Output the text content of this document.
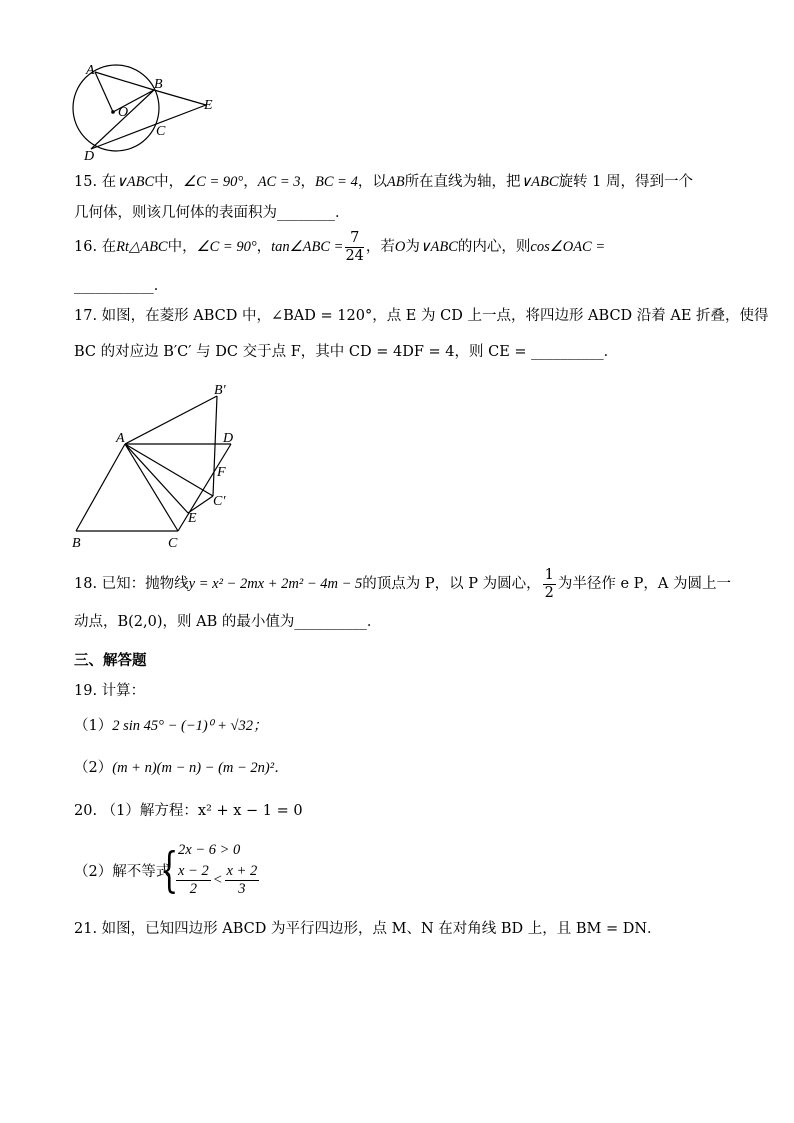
A
B
O	E
C
D
15. 在∨ABC中，∠C = 90°，AC = 3，BC = 4，以AB所在直线为轴，把∨ABC旋转 1 周，得到一个
几何体，则该几何体的表面积为________．
16. 在Rt△ABC中，∠C = 90°，tan∠ABC = $\frac{7}{24}$ ，若O为∨ABC的内心，则cos∠OAC =
___________．
17. 如图，在菱形 ABCD 中，∠BAD = 120°，点 E 为 CD 上一点，将四边形 ABCD 沿着 AE 折叠，使得
BC 的对应边 B′C′ 与 DC 交于点 F，其中 CD = 4DF = 4，则 CE = __________．
B′
A	D
F
C′
E
B	C
18. 已知：抛物线y = x² − 2mx + 2m² − 4m − 5的顶点为 P，以 P 为圆心， $\frac{1}{2}$ 为半径作 e P，A 为圆上一
动点，B(2,0)，则 AB 的最小值为__________．
三、解答题
19. 计算：
（1）2 sin 45° − (−1)⁰ + √32；
（2）(m + n)(m − n) − (m − 2n)²．
20. （1）解方程：x² + x − 1 = 0
（2）解不等式
{ 2x − 6 > 0
$\frac{x - 2}{2} < \frac{x + 2}{3}$
21. 如图，已知四边形 ABCD 为平行四边形，点 M、N 在对角线 BD 上，且 BM = DN．
